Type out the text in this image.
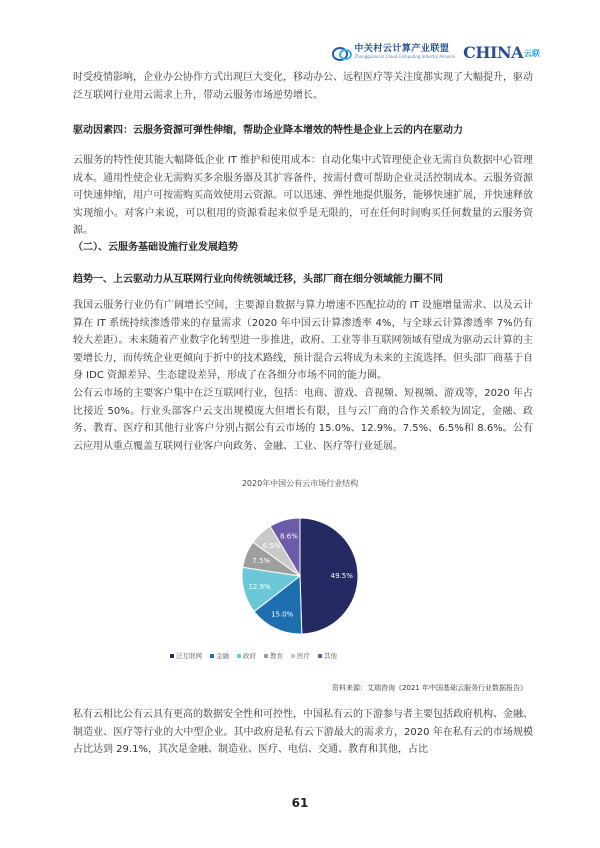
中关村云计算产业联盟
Zhongguancun Cloud Computing Industry Alliance CHINA 云联

时受疫情影响，企业办公协作方式出现巨大变化，移动办公、远程医疗等关注度都实现了大幅提升，驱动泛互联网行业用云需求上升，带动云服务市场逆势增长。

驱动因素四：云服务资源可弹性伸缩，帮助企业降本增效的特性是企业上云的内在驱动力

云服务的特性使其能大幅降低企业 IT 维护和使用成本：自动化集中式管理使企业无需自负数据中心管理成本。通用性使企业无需购买多余服务器及其扩容备件，按需付费可帮助企业灵活控制成本。云服务资源可快速伸缩，用户可按需购买高效使用云资源。可以迅速、弹性地提供服务，能够快速扩展，并快速释放实现缩小。对客户来说，可以租用的资源看起来似乎是无限的，可在任何时间购买任何数量的云服务资源。

（二）、云服务基础设施行业发展趋势

趋势一、上云驱动力从互联网行业向传统领域迁移，头部厂商在细分领域能力圈不同

我国云服务行业仍有广阔增长空间，主要源自数据与算力增速不匹配拉动的 IT 设施增量需求、以及云计算在 IT 系统持续渗透带来的存量需求（2020 年中国云计算渗透率 4%，与全球云计算渗透率 7%仍有较大差距）。未来随着产业数字化转型进一步推进，政府、工业等非互联网领域有望成为驱动云计算的主要增长力，而传统企业更倾向于折中的技术路线，预计混合云将成为未来的主流选择。但头部厂商基于自身 IDC 资源差异、生态建设差异，形成了在各细分市场不同的能力圈。

公有云市场的主要客户集中在泛互联网行业，包括：电商、游戏、音视频、短视频、游戏等，2020 年占比接近 50%。行业头部客户云支出规模庞大但增长有限，且与云厂商的合作关系较为固定，金融、政务、教育、医疗和其他行业客户分别占据公有云市场的 15.0%、12.9%、7.5%、6.5%和 8.6%。公有云应用从重点覆盖互联网行业客户向政务、金融、工业、医疗等行业延展。

2020年中国公有云市场行业结构
49.5%
15.0%
12.9%
7.5%
6.5%
8.6%
泛互联网 金融 政府 教育 医疗 其他
资料来源：艾瑞咨询《2021 年中国基础云服务行业数据报告》

私有云相比公有云具有更高的数据安全性和可控性，中国私有云的下游参与者主要包括政府机构、金融、制造业、医疗等行业的大中型企业。其中政府是私有云下游最大的需求方，2020 年在私有云的市场规模占比达到 29.1%，其次是金融、制造业、医疗、电信、交通、教育和其他，占比

61
